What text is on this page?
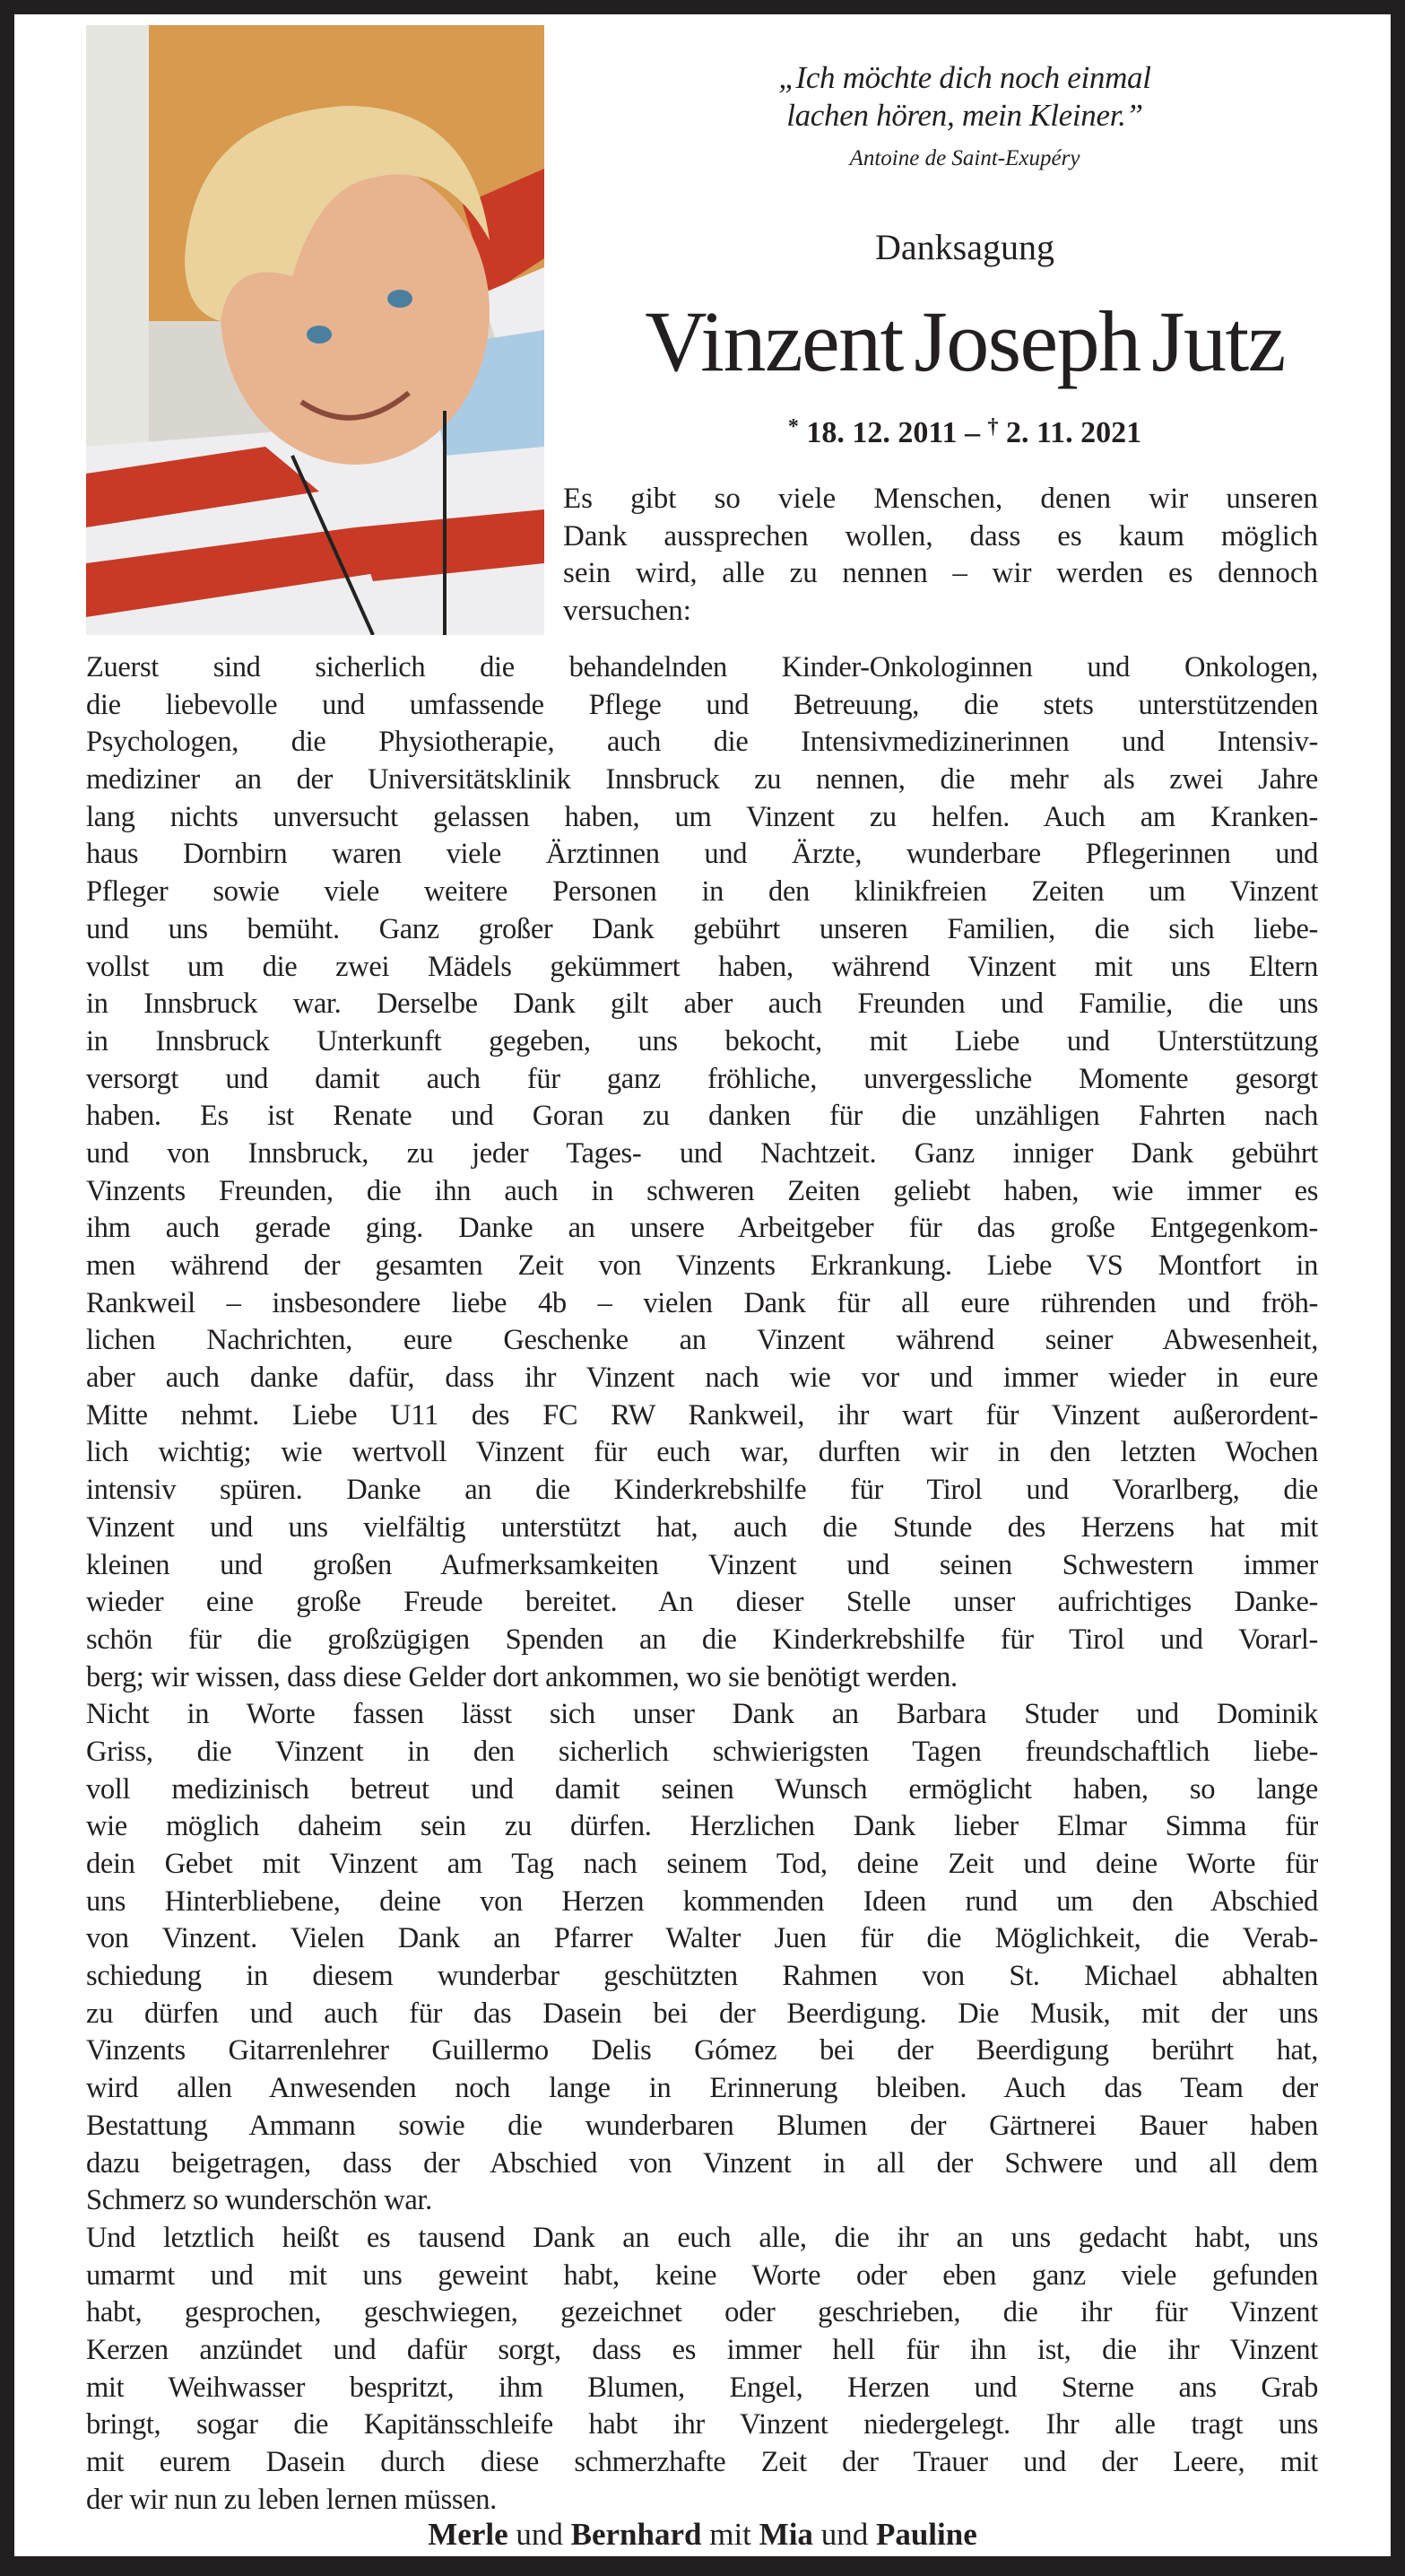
„Ich möchte dich noch einmal
lachen hören, mein Kleiner.”
Antoine de Saint-Exupéry
Danksagung
Vinzent Joseph Jutz
* 18. 12. 2011 – † 2. 11. 2021
Es gibt so viele Menschen, denen wir unseren
Dank aussprechen wollen, dass es kaum möglich
sein wird, alle zu nennen – wir werden es dennoch
versuchen:
Zuerst sind sicherlich die behandelnden Kinder-Onkologinnen und Onkologen,
die liebevolle und umfassende Pflege und Betreuung, die stets unterstützenden
Psychologen, die Physiotherapie, auch die Intensivmedizinerinnen und Intensiv-
mediziner an der Universitätsklinik Innsbruck zu nennen, die mehr als zwei Jahre
lang nichts unversucht gelassen haben, um Vinzent zu helfen. Auch am Kranken-
haus Dornbirn waren viele Ärztinnen und Ärzte, wunderbare Pflegerinnen und
Pfleger sowie viele weitere Personen in den klinikfreien Zeiten um Vinzent
und uns bemüht. Ganz großer Dank gebührt unseren Familien, die sich liebe-
vollst um die zwei Mädels gekümmert haben, während Vinzent mit uns Eltern
in Innsbruck war. Derselbe Dank gilt aber auch Freunden und Familie, die uns
in Innsbruck Unterkunft gegeben, uns bekocht, mit Liebe und Unterstützung
versorgt und damit auch für ganz fröhliche, unvergessliche Momente gesorgt
haben. Es ist Renate und Goran zu danken für die unzähligen Fahrten nach
und von Innsbruck, zu jeder Tages- und Nachtzeit. Ganz inniger Dank gebührt
Vinzents Freunden, die ihn auch in schweren Zeiten geliebt haben, wie immer es
ihm auch gerade ging. Danke an unsere Arbeitgeber für das große Entgegenkom-
men während der gesamten Zeit von Vinzents Erkrankung. Liebe VS Montfort in
Rankweil – insbesondere liebe 4b – vielen Dank für all eure rührenden und fröh-
lichen Nachrichten, eure Geschenke an Vinzent während seiner Abwesenheit,
aber auch danke dafür, dass ihr Vinzent nach wie vor und immer wieder in eure
Mitte nehmt. Liebe U11 des FC RW Rankweil, ihr wart für Vinzent außerordent-
lich wichtig; wie wertvoll Vinzent für euch war, durften wir in den letzten Wochen
intensiv spüren. Danke an die Kinderkrebshilfe für Tirol und Vorarlberg, die
Vinzent und uns vielfältig unterstützt hat, auch die Stunde des Herzens hat mit
kleinen und großen Aufmerksamkeiten Vinzent und seinen Schwestern immer
wieder eine große Freude bereitet. An dieser Stelle unser aufrichtiges Danke-
schön für die großzügigen Spenden an die Kinderkrebshilfe für Tirol und Vorarl-
berg; wir wissen, dass diese Gelder dort ankommen, wo sie benötigt werden.
Nicht in Worte fassen lässt sich unser Dank an Barbara Studer und Dominik
Griss, die Vinzent in den sicherlich schwierigsten Tagen freundschaftlich liebe-
voll medizinisch betreut und damit seinen Wunsch ermöglicht haben, so lange
wie möglich daheim sein zu dürfen. Herzlichen Dank lieber Elmar Simma für
dein Gebet mit Vinzent am Tag nach seinem Tod, deine Zeit und deine Worte für
uns Hinterbliebene, deine von Herzen kommenden Ideen rund um den Abschied
von Vinzent. Vielen Dank an Pfarrer Walter Juen für die Möglichkeit, die Verab-
schiedung in diesem wunderbar geschützten Rahmen von St. Michael abhalten
zu dürfen und auch für das Dasein bei der Beerdigung. Die Musik, mit der uns
Vinzents Gitarrenlehrer Guillermo Delis Gómez bei der Beerdigung berührt hat,
wird allen Anwesenden noch lange in Erinnerung bleiben. Auch das Team der
Bestattung Ammann sowie die wunderbaren Blumen der Gärtnerei Bauer haben
dazu beigetragen, dass der Abschied von Vinzent in all der Schwere und all dem
Schmerz so wunderschön war.
Und letztlich heißt es tausend Dank an euch alle, die ihr an uns gedacht habt, uns
umarmt und mit uns geweint habt, keine Worte oder eben ganz viele gefunden
habt, gesprochen, geschwiegen, gezeichnet oder geschrieben, die ihr für Vinzent
Kerzen anzündet und dafür sorgt, dass es immer hell für ihn ist, die ihr Vinzent
mit Weihwasser bespritzt, ihm Blumen, Engel, Herzen und Sterne ans Grab
bringt, sogar die Kapitänsschleife habt ihr Vinzent niedergelegt. Ihr alle tragt uns
mit eurem Dasein durch diese schmerzhafte Zeit der Trauer und der Leere, mit
der wir nun zu leben lernen müssen.
Merle und Bernhard mit Mia und Pauline
